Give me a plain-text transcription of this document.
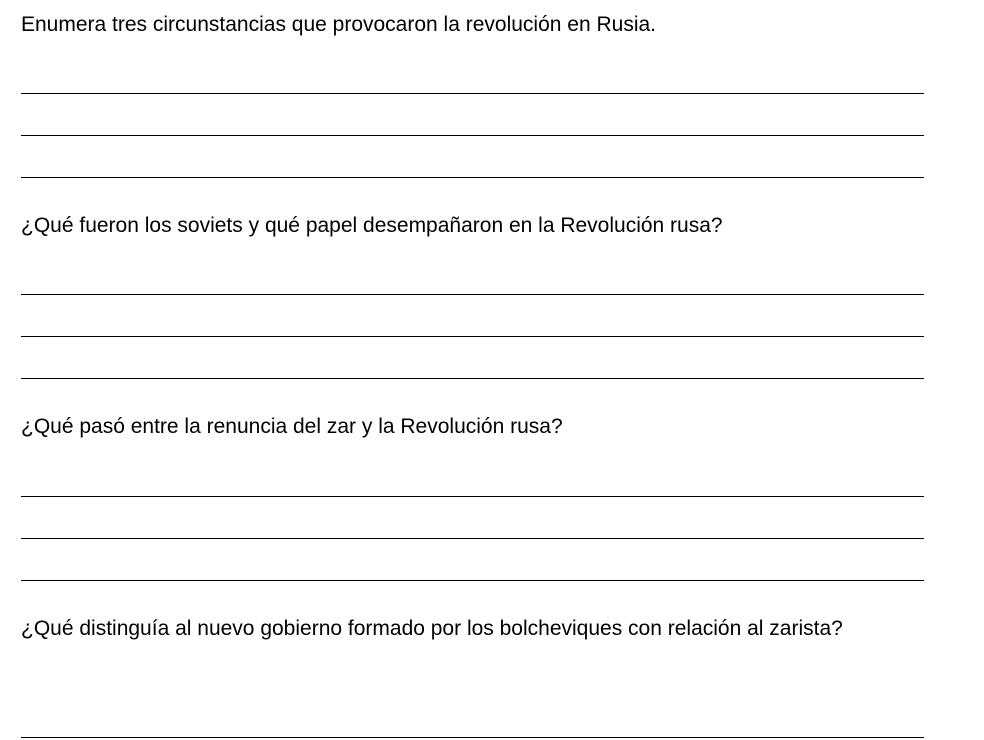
Enumera tres circunstancias que provocaron la revolución en Rusia.

¿Qué fueron los soviets y qué papel desempañaron en la Revolución rusa?

¿Qué pasó entre la renuncia del zar y la Revolución rusa?

¿Qué distinguía al nuevo gobierno formado por los bolcheviques con relación al zarista?
